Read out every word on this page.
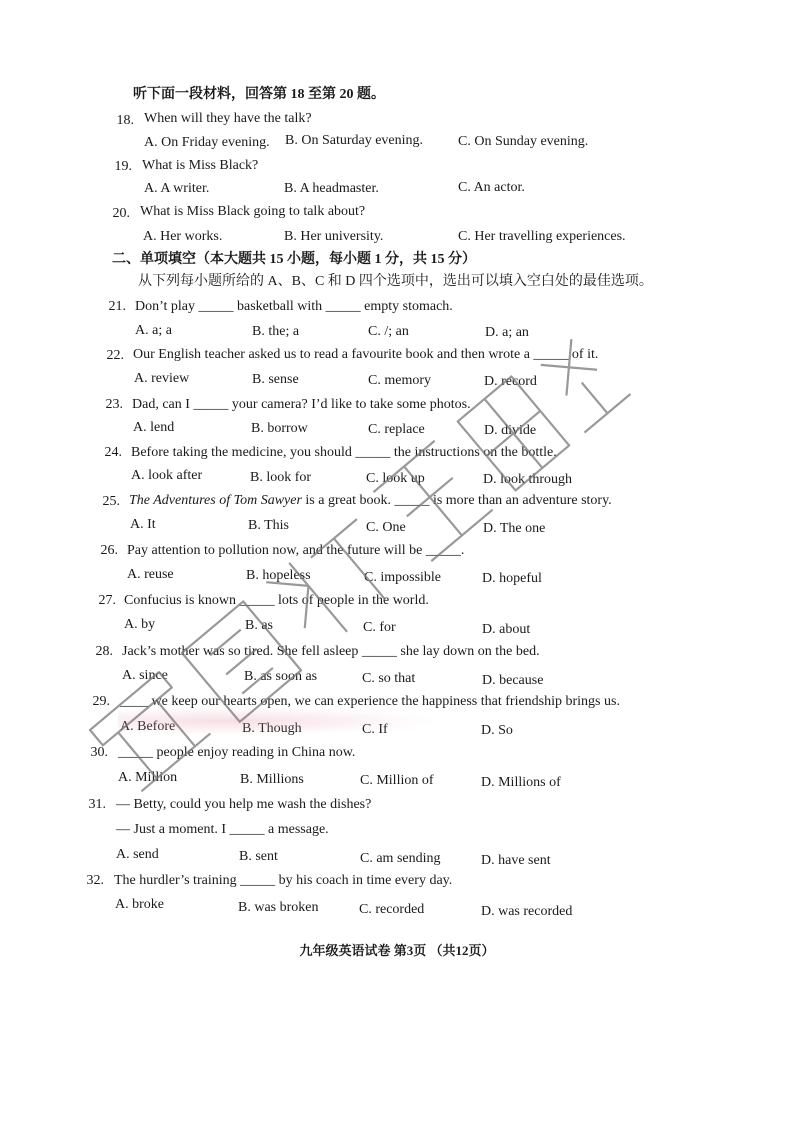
听下面一段材料，回答第 18 至第 20 题。
18. When will they have the talk?
A. On Friday evening. B. On Saturday evening. C. On Sunday evening.
19. What is Miss Black?
A. A writer.	B. A headmaster.	C. An actor.
20. What is Miss Black going to talk about?
A. Her works.	B. Her university.	C. Her travelling experiences.
二、单项填空（本大题共 15 小题，每小题 1 分，共 15 分）
从下列每小题所给的 A、B、C 和 D 四个选项中，选出可以填入空白处的最佳选项。
21. Don’t play _____ basketball with _____ empty stomach.
A. a; a	B. the; a	C. /; an	D. a; an
22. Our English teacher asked us to read a favourite book and then wrote a _____ of it.
A. review	B. sense	C. memory	D. record
23. Dad, can I _____ your camera? I’d like to take some photos.
A. lend	B. borrow	C. replace	D. divide
24. Before taking the medicine, you should _____ the instructions on the bottle.
A. look after	B. look for	C. look up	D. look through
25. The Adventures of Tom Sawyer is a great book. _____ is more than an adventure story.
A. It	B. This	C. One	D. The one
26. Pay attention to pollution now, and the future will be _____.
A. reuse	B. hopeless	C. impossible	D. hopeful
27. Confucius is known _____ lots of people in the world.
A. by	B. as	C. for	D. about
28. Jack’s mother was so tired. She fell asleep _____ she lay down on the bed.
A. since	B. as soon as	C. so that	D. because
29. ____ we keep our hearts open, we can experience the happiness that friendship brings us.
A. Before	B. Though	C. If	D. So
30. _____ people enjoy reading in China now.
A. Million	B. Millions	C. Million of	D. Millions of
31. — Betty, could you help me wash the dishes?
— Just a moment. I _____ a message.
A. send	B. sent	C. am sending	D. have sent
32. The hurdler’s training _____ by his coach in time every day.
A. broke	B. was broken	C. recorded	D. was recorded
九年级英语试卷 第3页 （共12页）
